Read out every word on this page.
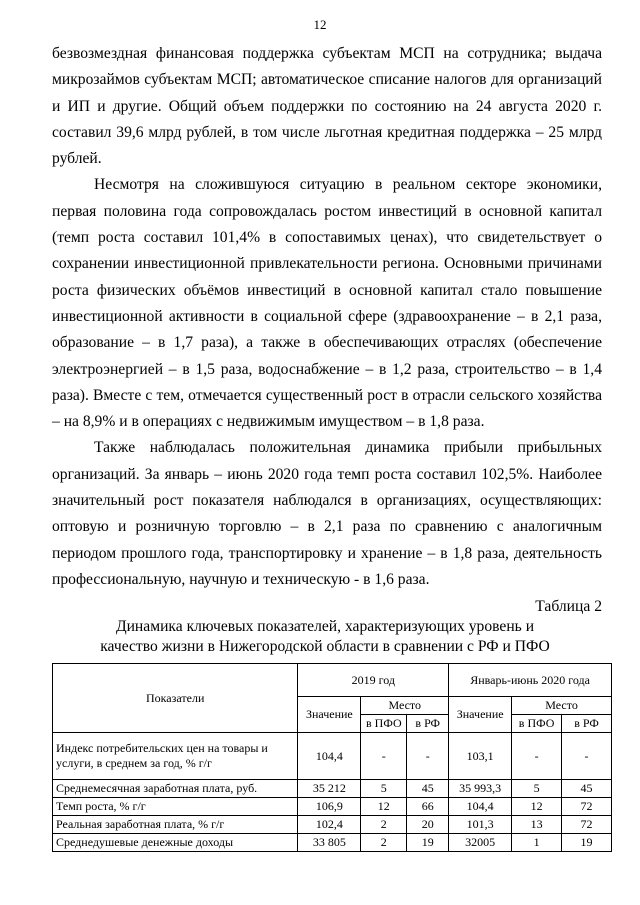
12

безвозмездная финансовая поддержка субъектам МСП на сотрудника; выдача микрозаймов субъектам МСП; автоматическое списание налогов для организаций и ИП и другие. Общий объем поддержки по состоянию на 24 августа 2020 г. составил 39,6 млрд рублей, в том числе льготная кредитная поддержка – 25 млрд рублей.

Несмотря на сложившуюся ситуацию в реальном секторе экономики, первая половина года сопровождалась ростом инвестиций в основной капитал (темп роста составил 101,4% в сопоставимых ценах), что свидетельствует о сохранении инвестиционной привлекательности региона. Основными причинами роста физических объёмов инвестиций в основной капитал стало повышение инвестиционной активности в социальной сфере (здравоохранение – в 2,1 раза, образование – в 1,7 раза), а также в обеспечивающих отраслях (обеспечение электроэнергией – в 1,5 раза, водоснабжение – в 1,2 раза, строительство – в 1,4 раза). Вместе с тем, отмечается существенный рост в отрасли сельского хозяйства – на 8,9% и в операциях с недвижимым имуществом – в 1,8 раза.

Также наблюдалась положительная динамика прибыли прибыльных организаций. За январь – июнь 2020 года темп роста составил 102,5%. Наиболее значительный рост показателя наблюдался в организациях, осуществляющих: оптовую и розничную торговлю – в 2,1 раза по сравнению с аналогичным периодом прошлого года, транспортировку и хранение – в 1,8 раза, деятельность профессиональную, научную и техническую - в 1,6 раза.

Таблица 2
Динамика ключевых показателей, характеризующих уровень и качество жизни в Нижегородской области в сравнении с РФ и ПФО
Показатели	2019 год			Январь-июнь 2020 года		
	Значение	Место		Значение	Место	
		в ПФО	в РФ		в ПФО	в РФ
Индекс потребительских цен на товары и услуги, в среднем за год, % г/г	104,4	-	-	103,1	-	-
Среднемесячная заработная плата, руб.	35 212	5	45	35 993,3	5	45
Темп роста, % г/г	106,9	12	66	104,4	12	72
Реальная заработная плата, % г/г	102,4	2	20	101,3	13	72
Среднедушевые денежные доходы	33 805	2	19	32005	1	19
